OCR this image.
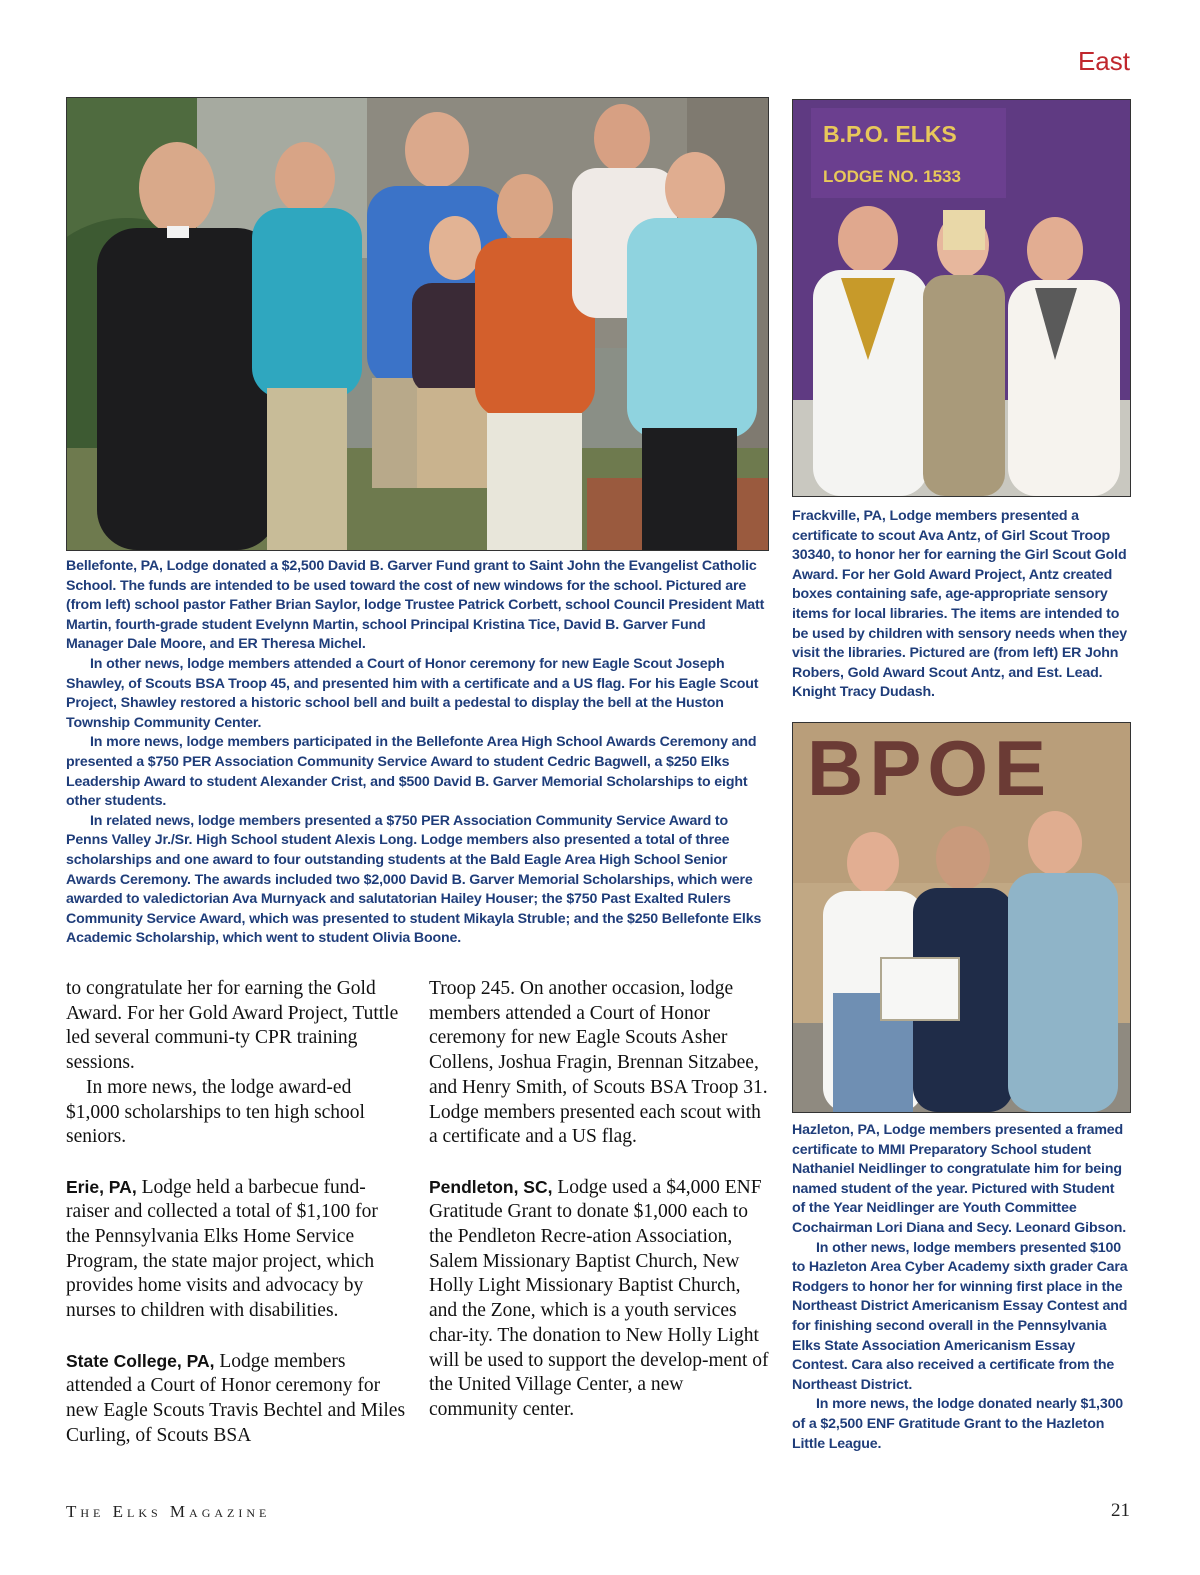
East

Bellefonte, PA, Lodge donated a $2,500 David B. Garver Fund grant to Saint John the Evangelist Catholic School. The funds are intended to be used toward the cost of new windows for the school. Pictured are (from left) school pastor Father Brian Saylor, lodge Trustee Patrick Corbett, school Council President Matt Martin, fourth-grade student Evelynn Martin, school Principal Kristina Tice, David B. Garver Fund Manager Dale Moore, and ER Theresa Michel.

In other news, lodge members attended a Court of Honor ceremony for new Eagle Scout Joseph Shawley, of Scouts BSA Troop 45, and presented him with a certificate and a US flag. For his Eagle Scout Project, Shawley restored a historic school bell and built a pedestal to display the bell at the Huston Township Community Center.

In more news, lodge members participated in the Bellefonte Area High School Awards Ceremony and presented a $750 PER Association Community Service Award to student Cedric Bagwell, a $250 Elks Leadership Award to student Alexander Crist, and $500 David B. Garver Memorial Scholarships to eight other students.

In related news, lodge members presented a $750 PER Association Community Service Award to Penns Valley Jr./Sr. High School student Alexis Long. Lodge members also presented a total of three scholarships and one award to four outstanding students at the Bald Eagle Area High School Senior Awards Ceremony. The awards included two $2,000 David B. Garver Memorial Scholarships, which were awarded to valedictorian Ava Murnyack and salutatorian Hailey Houser; the $750 Past Exalted Rulers Community Service Award, which was presented to student Mikayla Struble; and the $250 Bellefonte Elks Academic Scholarship, which went to student Olivia Boone.

B.P.O. ELKS
LODGE NO. 1533

Frackville, PA, Lodge members presented a certificate to scout Ava Antz, of Girl Scout Troop 30340, to honor her for earning the Girl Scout Gold Award. For her Gold Award Project, Antz created boxes containing safe, age-appropriate sensory items for local libraries. The items are intended to be used by children with sensory needs when they visit the libraries. Pictured are (from left) ER John Robers, Gold Award Scout Antz, and Est. Lead. Knight Tracy Dudash.

BPOE

Hazleton, PA, Lodge members presented a framed certificate to MMI Preparatory School student Nathaniel Neidlinger to congratulate him for being named student of the year. Pictured with Student of the Year Neidlinger are Youth Committee Cochairman Lori Diana and Secy. Leonard Gibson.

In other news, lodge members presented $100 to Hazleton Area Cyber Academy sixth grader Cara Rodgers to honor her for winning first place in the Northeast District Americanism Essay Contest and for finishing second overall in the Pennsylvania Elks State Association Americanism Essay Contest. Cara also received a certificate from the Northeast District.

In more news, the lodge donated nearly $1,300 of a $2,500 ENF Gratitude Grant to the Hazleton Little League.

to congratulate her for earning the Gold Award. For her Gold Award Project, Tuttle led several communi-ty CPR training sessions.

In more news, the lodge award-ed $1,000 scholarships to ten high school seniors.

Erie, PA, Lodge held a barbecue fund-raiser and collected a total of $1,100 for the Pennsylvania Elks Home Service Program, the state major project, which provides home visits and advocacy by nurses to children with disabilities.

State College, PA, Lodge members attended a Court of Honor ceremony for new Eagle Scouts Travis Bechtel and Miles Curling, of Scouts BSA

Troop 245. On another occasion, lodge members attended a Court of Honor ceremony for new Eagle Scouts Asher Collens, Joshua Fragin, Brennan Sitzabee, and Henry Smith, of Scouts BSA Troop 31. Lodge members presented each scout with a certificate and a US flag.

Pendleton, SC, Lodge used a $4,000 ENF Gratitude Grant to donate $1,000 each to the Pendleton Recre-ation Association, Salem Missionary Baptist Church, New Holly Light Missionary Baptist Church, and the Zone, which is a youth services char-ity. The donation to New Holly Light will be used to support the develop-ment of the United Village Center, a new community center.

The Elks Magazine	21
